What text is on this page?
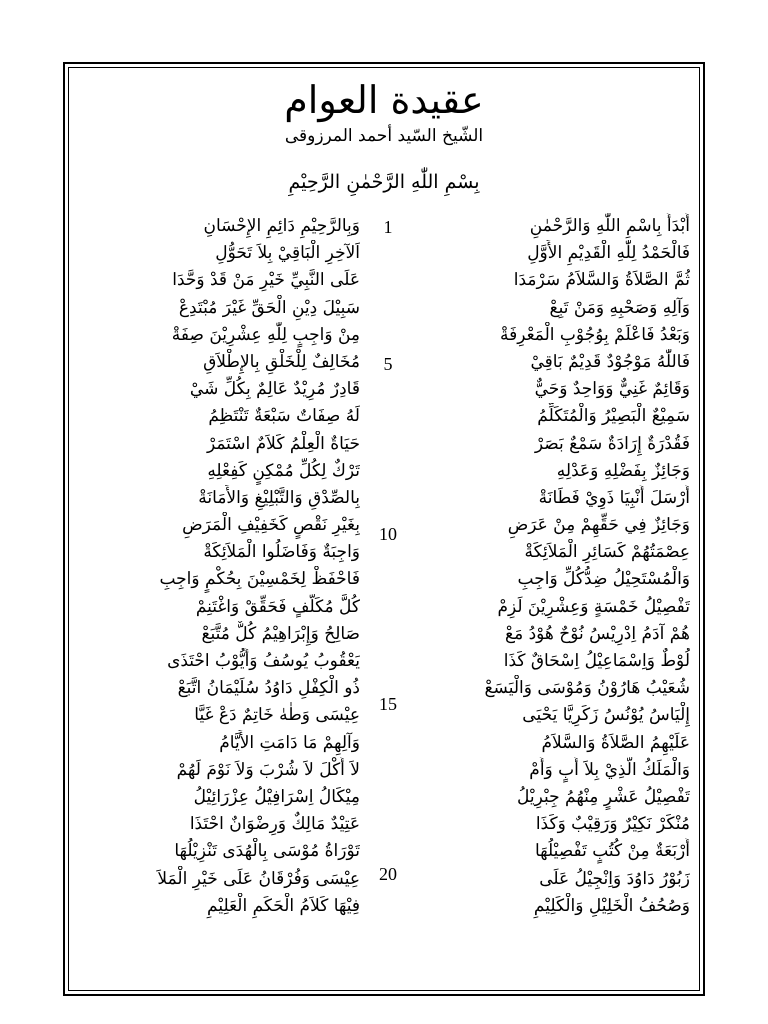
عقيدة العوام
الشّيخ السّيد أحمد المرزوقى
بِسْمِ اللّٰهِ الرَّحْمٰنِ الرَّحِيْمِ
أَبْدَأُ بِاسْمِ اللّٰهِ وَالرَّحْمٰنِ
وَبِالرَّحِيْمِ دَائِمِ الإِحْسَانِ
فَالْحَمْدُ لِلّٰهِ الْقَدِيْمِ الأَوَّلِ
اَلآخِرِ الْبَاقِيْ بِلاَ تَحَوُّلِ
ثُمَّ الصَّلاَةُ وَالسَّلاَمُ سَرْمَدَا
عَلَى النَّبِيِّ خَيْرِ مَنْ قَدْ وَحَّدَا
وَآلِهِ وَصَحْبِهِ وَمَنْ تَبِعْ
سَبِيْلَ دِيْنِ الْحَقِّ غَيْرَ مُبْتَدِعْ
وَبَعْدُ فَاعْلَمْ بِوُجُوْبِ الْمَعْرِفَةْ
مِنْ وَاجِبٍ لِلّٰهِ عِشْرِيْنَ صِفَةْ
فَاللّٰهُ مَوْجُوْدٌ قَدِيْمٌ بَاقِيْ
مُخَالِفٌ لِلْخَلْقِ بِالإِطْلاَقِ
وَقَائِمٌ غَنِيٌّ وَوَاحِدٌ وَحَيٌّ
قَادِرٌ مُرِيْدٌ عَالِمٌ بِكُلِّ شَيْ
سَمِيْعٌ الْبَصِيْرُ وَالْمُتَكَلِّمُ
لَهُ صِفَاتٌ سَبْعَةٌ تَنْتَظِمُ
فَقُدْرَةٌ إِرَادَةٌ سَمْعٌ بَصَرْ
حَيَاةٌ الْعِلْمُ كَلاَمٌ اسْتَمَرْ
وَجَائِزٌ بِفَضْلِهِ وَعَدْلِهِ
تَرْكٌ لِكُلِّ مُمْكِنٍ كَفِعْلِهِ
أَرْسَلَ أَنْبِيَا ذَوِيْ فَطَانَةْ
بِالصِّدْقِ وَالتَّبْلِيْغِ وَالأَمَانَةْ
وَجَائِزٌ فِي حَقِّهِمْ مِنْ عَرَضِ
بِغَيْرِ نَقْصٍ كَخَفِيْفِ الْمَرَضِ
عِصْمَتُهُمْ كَسَائِرِ الْمَلاَئِكَةْ
وَاجِبَةٌ وَفَاضَلُوا الْمَلاَئِكَةْ
وَالْمُسْتَحِيْلُ ضِدُّكُلِّ وَاجِبِ
فَاحْفَظْ لِخَمْسِيْنَ بِحُكْمٍ وَاجِبِ
تَفْصِيْلُ خَمْسَةٍ وَعِشْرِيْنَ لَزِمْ
كُلَّ مُكَلَّفٍ فَحَقِّقْ وَاغْتَنِمْ
هُمْ آدَمُ اِدْرِيْسُ نُوْحٌ هُوْدُ مَعْ
صَالِحُ وَإِبْرَاهِيْمُ كُلٌّ مُتَّبَعْ
لُوْطٌ وَاِسْمَاعِيْلُ اِسْحَاقٌ كَذَا
يَعْقُوبُ يُوسُفُ وَأَيُّوْبُ احْتَذَى
شُعَيْبُ هَارُوْنُ وَمُوْسَى وَالْيَسَعْ
ذُو الْكِفْلِ دَاوُدُ سُلَيْمَانُ اتَّبَعْ
إِلْيَاسُ يُوْنُسُ زَكَرِيَّا يَحْيَى
عِيْسَى وَطٰهٰ خَاتِمٌ دَعْ غَيَّا
عَلَيْهِمُ الصَّلاَةُ وَالسَّلاَمُ
وَآلِهِمْ مَا دَامَتِ الأَيَّامُ
وَالْمَلَكُ الَّذِيْ بِلاَ أَبٍ وَأُمْ
لاَ أَكْلَ لاَ شُرْبَ وَلاَ نَوْمَ لَهُمْ
تَفْصِيْلُ عَشْرٍ مِنْهُمُ جِبْرِيْلُ
مِيْكَالُ اِسْرَافِيْلُ عِزْرَائِيْلُ
مُنْكَرْ نَكِيْرٌ وَرَقِيْبٌ وَكَذَا
عَتِيْدٌ مَالِكٌ وَرِضْوَانٌ احْتَذَا
أَرْبَعَةٌ مِنْ كُتُبٍ تَفْصِيْلُهَا
تَوْرَاةُ مُوْسَى بِالْهُدَى تَنْزِيْلُهَا
زَبُوْرُ دَاوُدَ وَاِنْجِيْلُ عَلَى
عِيْسَى وَفُرْقَانُ عَلَى خَيْرِ الْمَلاَ
وَصُحُفُ الْخَلِيْلِ وَالْكَلِيْمِ
فِيْهَا كَلاَمُ الْحَكَمِ الْعَلِيْمِ
1
5
10
15
20
